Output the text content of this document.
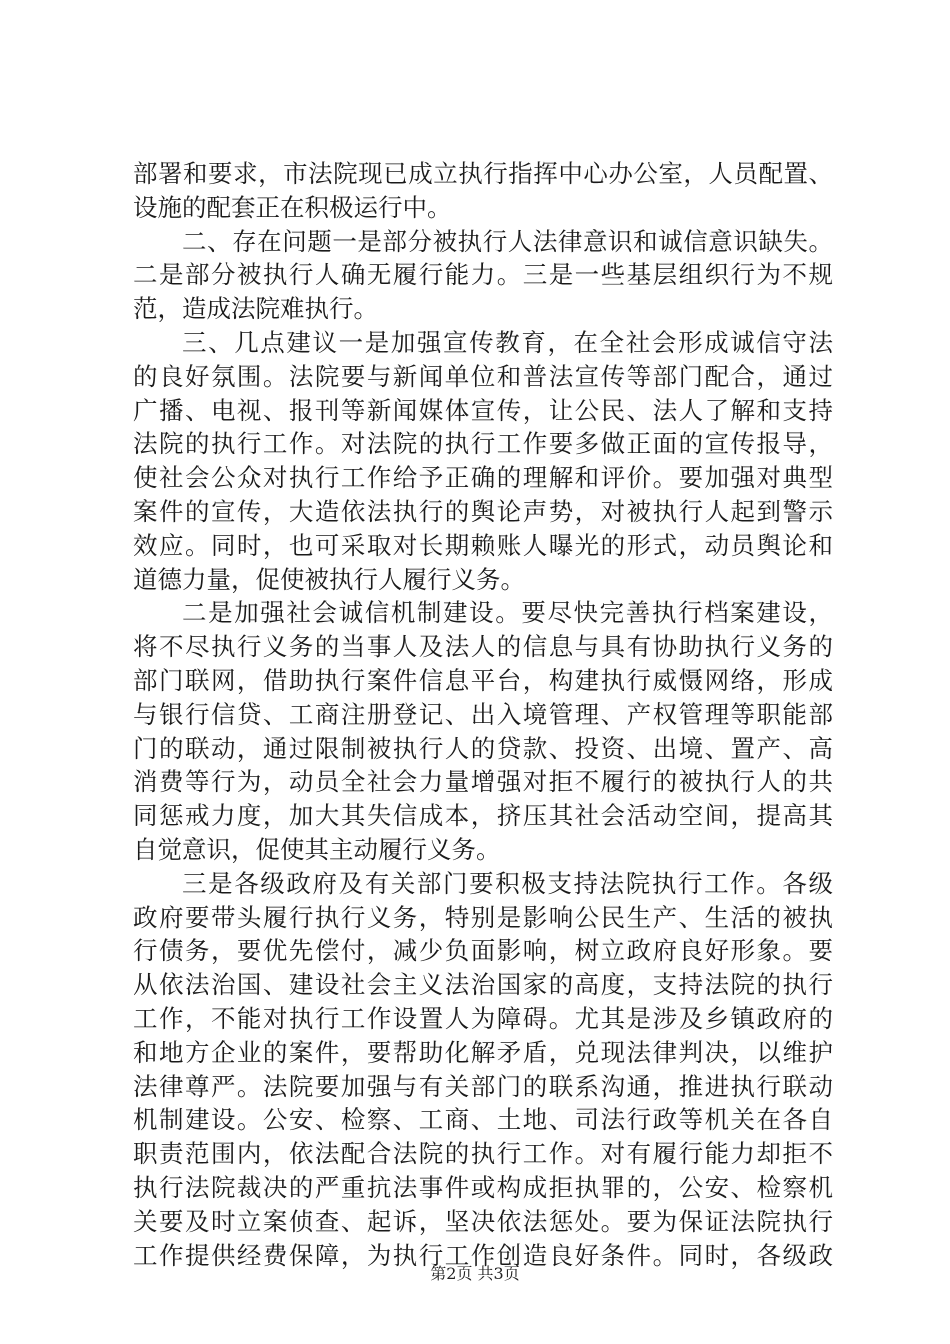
部署和要求，市法院现已成立执行指挥中心办公室，人员配置、
设施的配套正在积极运行中。
二、存在问题一是部分被执行人法律意识和诚信意识缺失。
二是部分被执行人确无履行能力。三是一些基层组织行为不规
范，造成法院难执行。
三、几点建议一是加强宣传教育，在全社会形成诚信守法
的良好氛围。法院要与新闻单位和普法宣传等部门配合，通过
广播、电视、报刊等新闻媒体宣传，让公民、法人了解和支持
法院的执行工作。对法院的执行工作要多做正面的宣传报导，
使社会公众对执行工作给予正确的理解和评价。要加强对典型
案件的宣传，大造依法执行的舆论声势，对被执行人起到警示
效应。同时，也可采取对长期赖账人曝光的形式，动员舆论和
道德力量，促使被执行人履行义务。
二是加强社会诚信机制建设。要尽快完善执行档案建设，
将不尽执行义务的当事人及法人的信息与具有协助执行义务的
部门联网，借助执行案件信息平台，构建执行威慑网络，形成
与银行信贷、工商注册登记、出入境管理、产权管理等职能部
门的联动，通过限制被执行人的贷款、投资、出境、置产、高
消费等行为，动员全社会力量增强对拒不履行的被执行人的共
同惩戒力度，加大其失信成本，挤压其社会活动空间，提高其
自觉意识，促使其主动履行义务。
三是各级政府及有关部门要积极支持法院执行工作。各级
政府要带头履行执行义务，特别是影响公民生产、生活的被执
行债务，要优先偿付，减少负面影响，树立政府良好形象。要
从依法治国、建设社会主义法治国家的高度，支持法院的执行
工作，不能对执行工作设置人为障碍。尤其是涉及乡镇政府的
和地方企业的案件，要帮助化解矛盾，兑现法律判决，以维护
法律尊严。法院要加强与有关部门的联系沟通，推进执行联动
机制建设。公安、检察、工商、土地、司法行政等机关在各自
职责范围内，依法配合法院的执行工作。对有履行能力却拒不
执行法院裁决的严重抗法事件或构成拒执罪的，公安、检察机
关要及时立案侦查、起诉，坚决依法惩处。要为保证法院执行
工作提供经费保障，为执行工作创造良好条件。同时，各级政
第2页 共3页
